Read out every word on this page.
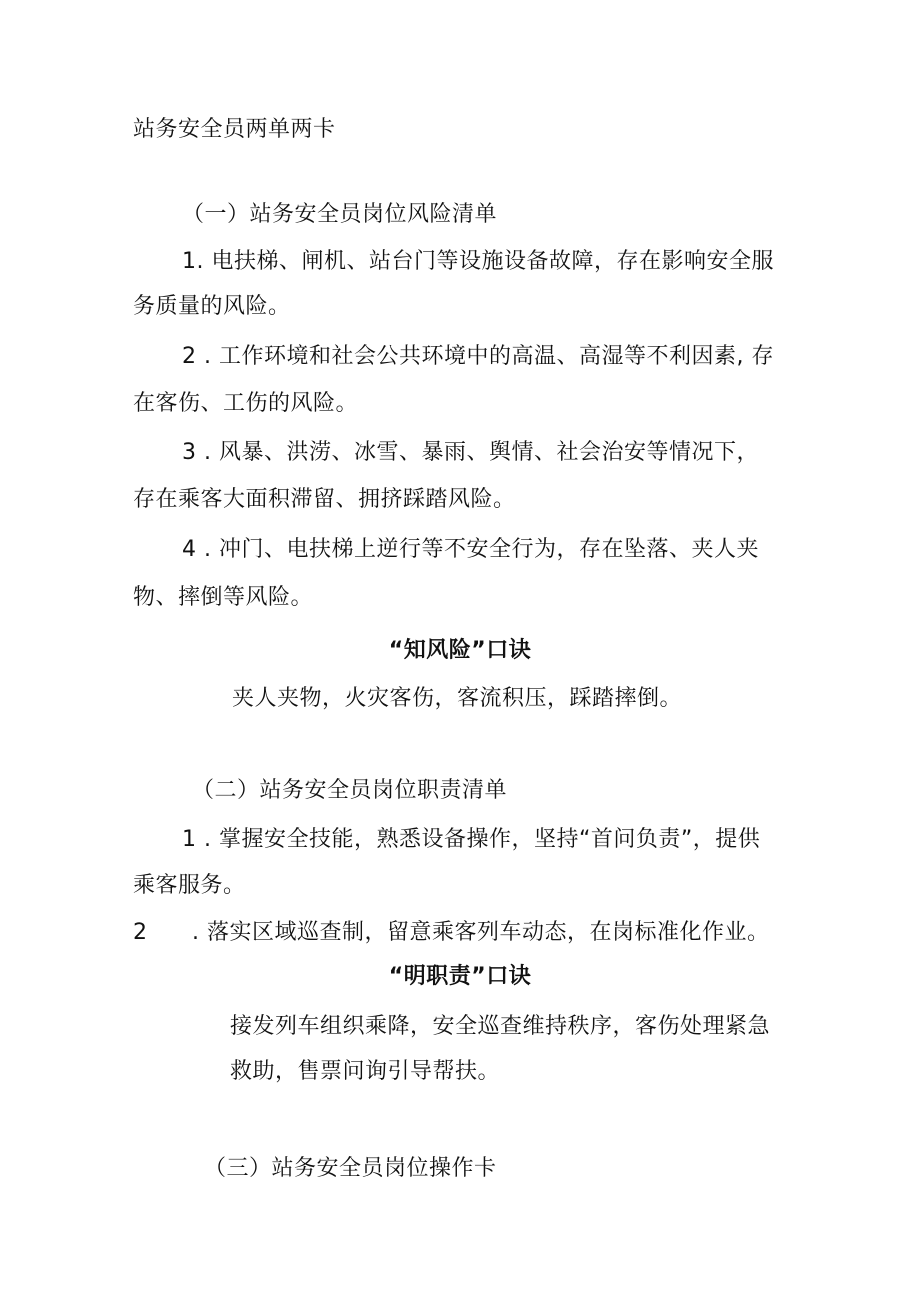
站务安全员两单两卡
（一）站务安全员岗位风险清单
1. 电扶梯、闸机、站台门等设施设备故障，存在影响安全服
务质量的风险。
2 . 工作环境和社会公共环境中的高温、高湿等不利因素, 存
在客伤、工伤的风险。
3 . 风暴、洪涝、冰雪、暴雨、舆情、社会治安等情况下，
存在乘客大面积滞留、拥挤踩踏风险。
4 . 冲门、电扶梯上逆行等不安全行为，存在坠落、夹人夹
物、摔倒等风险。
“知风险”口诀
夹人夹物，火灾客伤，客流积压，踩踏摔倒。
（二）站务安全员岗位职责清单
1 . 掌握安全技能，熟悉设备操作，坚持“首问负责”，提供
乘客服务。
2 . 落实区域巡查制，留意乘客列车动态，在岗标准化作业。
“明职责”口诀
接发列车组织乘降，安全巡查维持秩序，客伤处理紧急
救助，售票问询引导帮扶。
（三）站务安全员岗位操作卡
